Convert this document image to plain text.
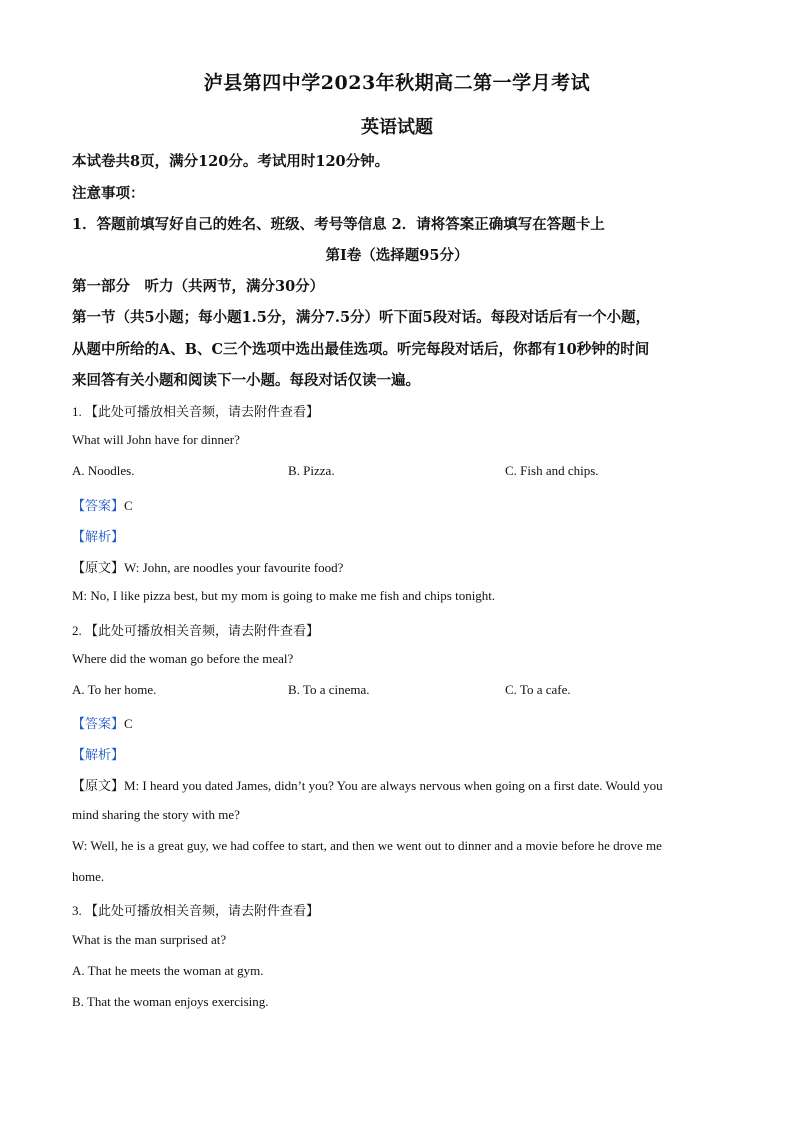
泸县第四中学2023年秋期高二第一学月考试
英语试题
本试卷共8页，满分120分。考试用时120分钟。
注意事项：
1．答题前填写好自己的姓名、班级、考号等信息 2．请将答案正确填写在答题卡上
第I卷（选择题95分）
第一部分　听力（共两节，满分30分）
第一节（共5小题；每小题1.5分，满分7.5分）听下面5段对话。每段对话后有一个小题，
从题中所给的A、B、C三个选项中选出最佳选项。听完每段对话后，你都有10秒钟的时间
来回答有关小题和阅读下一小题。每段对话仅读一遍。
1. 【此处可播放相关音频，请去附件查看】
What will John have for dinner?
A. Noodles.	B. Pizza.	C. Fish and chips.
【答案】C
【解析】
【原文】W: John, are noodles your favourite food?
M: No, I like pizza best, but my mom is going to make me fish and chips tonight.
2. 【此处可播放相关音频，请去附件查看】
Where did the woman go before the meal?
A. To her home.	B. To a cinema.	C. To a cafe.
【答案】C
【解析】
【原文】M: I heard you dated James, didn’t you? You are always nervous when going on a first date. Would you
mind sharing the story with me?
W: Well, he is a great guy, we had coffee to start, and then we went out to dinner and a movie before he drove me
home.
3. 【此处可播放相关音频，请去附件查看】
What is the man surprised at?
A. That he meets the woman at gym.
B. That the woman enjoys exercising.
